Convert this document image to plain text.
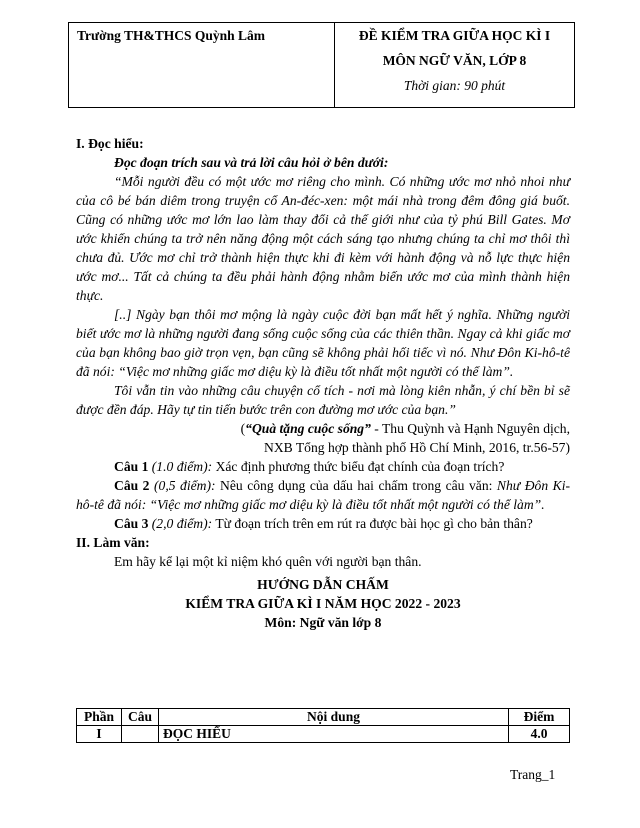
Trường TH&THCS Quỳnh Lâm	ĐỀ KIỂM TRA GIỮA HỌC KÌ I
MÔN NGỮ VĂN, LỚP 8
Thời gian: 90 phút

I. Đọc hiểu:

Đọc đoạn trích sau và trả lời câu hỏi ở bên dưới:

“Mỗi người đều có một ước mơ riêng cho mình. Có những ước mơ nhỏ nhoi như của cô bé bán diêm trong truyện cổ An-đéc-xen: một mái nhà trong đêm đông giá buốt. Cũng có những ước mơ lớn lao làm thay đổi cả thế giới như của tỷ phú Bill Gates. Mơ ước khiến chúng ta trở nên năng động một cách sáng tạo nhưng chúng ta chỉ mơ thôi thì chưa đủ. Ước mơ chỉ trở thành hiện thực khi đi kèm với hành động và nỗ lực thực hiện ước mơ... Tất cả chúng ta đều phải hành động nhằm biến ước mơ của mình thành hiện thực.

[..] Ngày bạn thôi mơ mộng là ngày cuộc đời bạn mất hết ý nghĩa. Những người biết ước mơ là những người đang sống cuộc sống của các thiên thần. Ngay cả khi giấc mơ của bạn không bao giờ trọn vẹn, bạn cũng sẽ không phải hối tiếc vì nó. Như Đôn Ki-hô-tê đã nói: “Việc mơ những giấc mơ diệu kỳ là điều tốt nhất một người có thể làm”.

Tôi vẫn tin vào những câu chuyện cổ tích - nơi mà lòng kiên nhẫn, ý chí bền bỉ sẽ được đền đáp. Hãy tự tin tiến bước trên con đường mơ ước của bạn.”

(“Quà tặng cuộc sống” - Thu Quỳnh và Hạnh Nguyên dịch,

NXB Tổng hợp thành phố Hồ Chí Minh, 2016, tr.56-57)

Câu 1 (1.0 điểm): Xác định phương thức biểu đạt chính của đoạn trích?

Câu 2 (0,5 điểm): Nêu công dụng của dấu hai chấm trong câu văn: Như Đôn Ki-hô-tê đã nói: “Việc mơ những giấc mơ diệu kỳ là điều tốt nhất một người có thể làm”.

Câu 3 (2,0 điểm): Từ đoạn trích trên em rút ra được bài học gì cho bản thân?

II. Làm văn:

Em hãy kể lại một kỉ niệm khó quên với người bạn thân.

HƯỚNG DẪN CHẤM

KIỂM TRA GIỮA KÌ I NĂM HỌC 2022 - 2023

Môn: Ngữ văn lớp 8

Phần	Câu	Nội dung	Điểm
I		ĐỌC HIỂU	4.0
Trang_1
